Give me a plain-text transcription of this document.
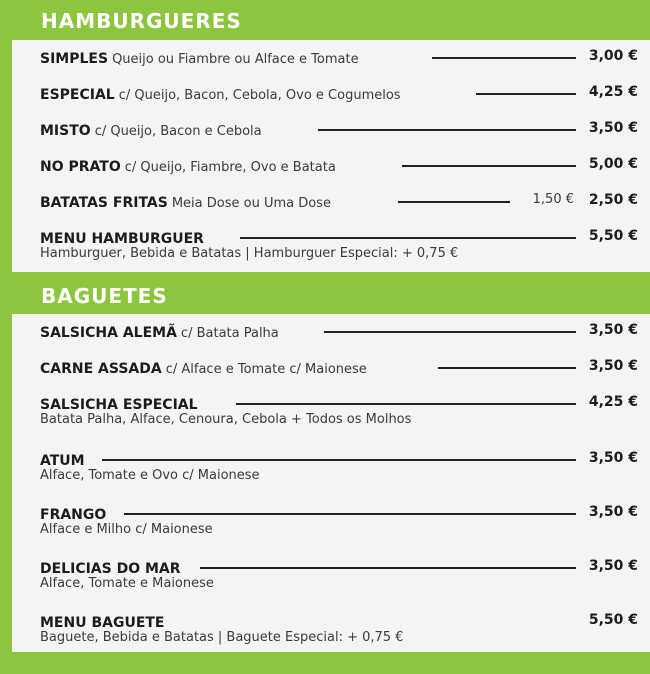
HAMBURGUERES
SIMPLES Queijo ou Fiambre ou Alface e Tomate	3,00 €
ESPECIAL c/ Queijo, Bacon, Cebola, Ovo e Cogumelos	4,25 €
MISTO c/ Queijo, Bacon e Cebola	3,50 €
NO PRATO c/ Queijo, Fiambre, Ovo e Batata	5,00 €
BATATAS FRITAS Meia Dose ou Uma Dose	1,50 € 2,50 €
MENU HAMBURGUER	5,50 €
Hamburguer, Bebida e Batatas | Hamburguer Especial: + 0,75 €
BAGUETES
SALSICHA ALEMÃ c/ Batata Palha	3,50 €
CARNE ASSADA c/ Alface e Tomate c/ Maionese	3,50 €
SALSICHA ESPECIAL	4,25 €
Batata Palha, Alface, Cenoura, Cebola + Todos os Molhos
ATUM	3,50 €
Alface, Tomate e Ovo c/ Maionese
FRANGO	3,50 €
Alface e Milho c/ Maionese
DELICIAS DO MAR	3,50 €
Alface, Tomate e Maionese
MENU BAGUETE	5,50 €
Baguete, Bebida e Batatas | Baguete Especial: + 0,75 €
